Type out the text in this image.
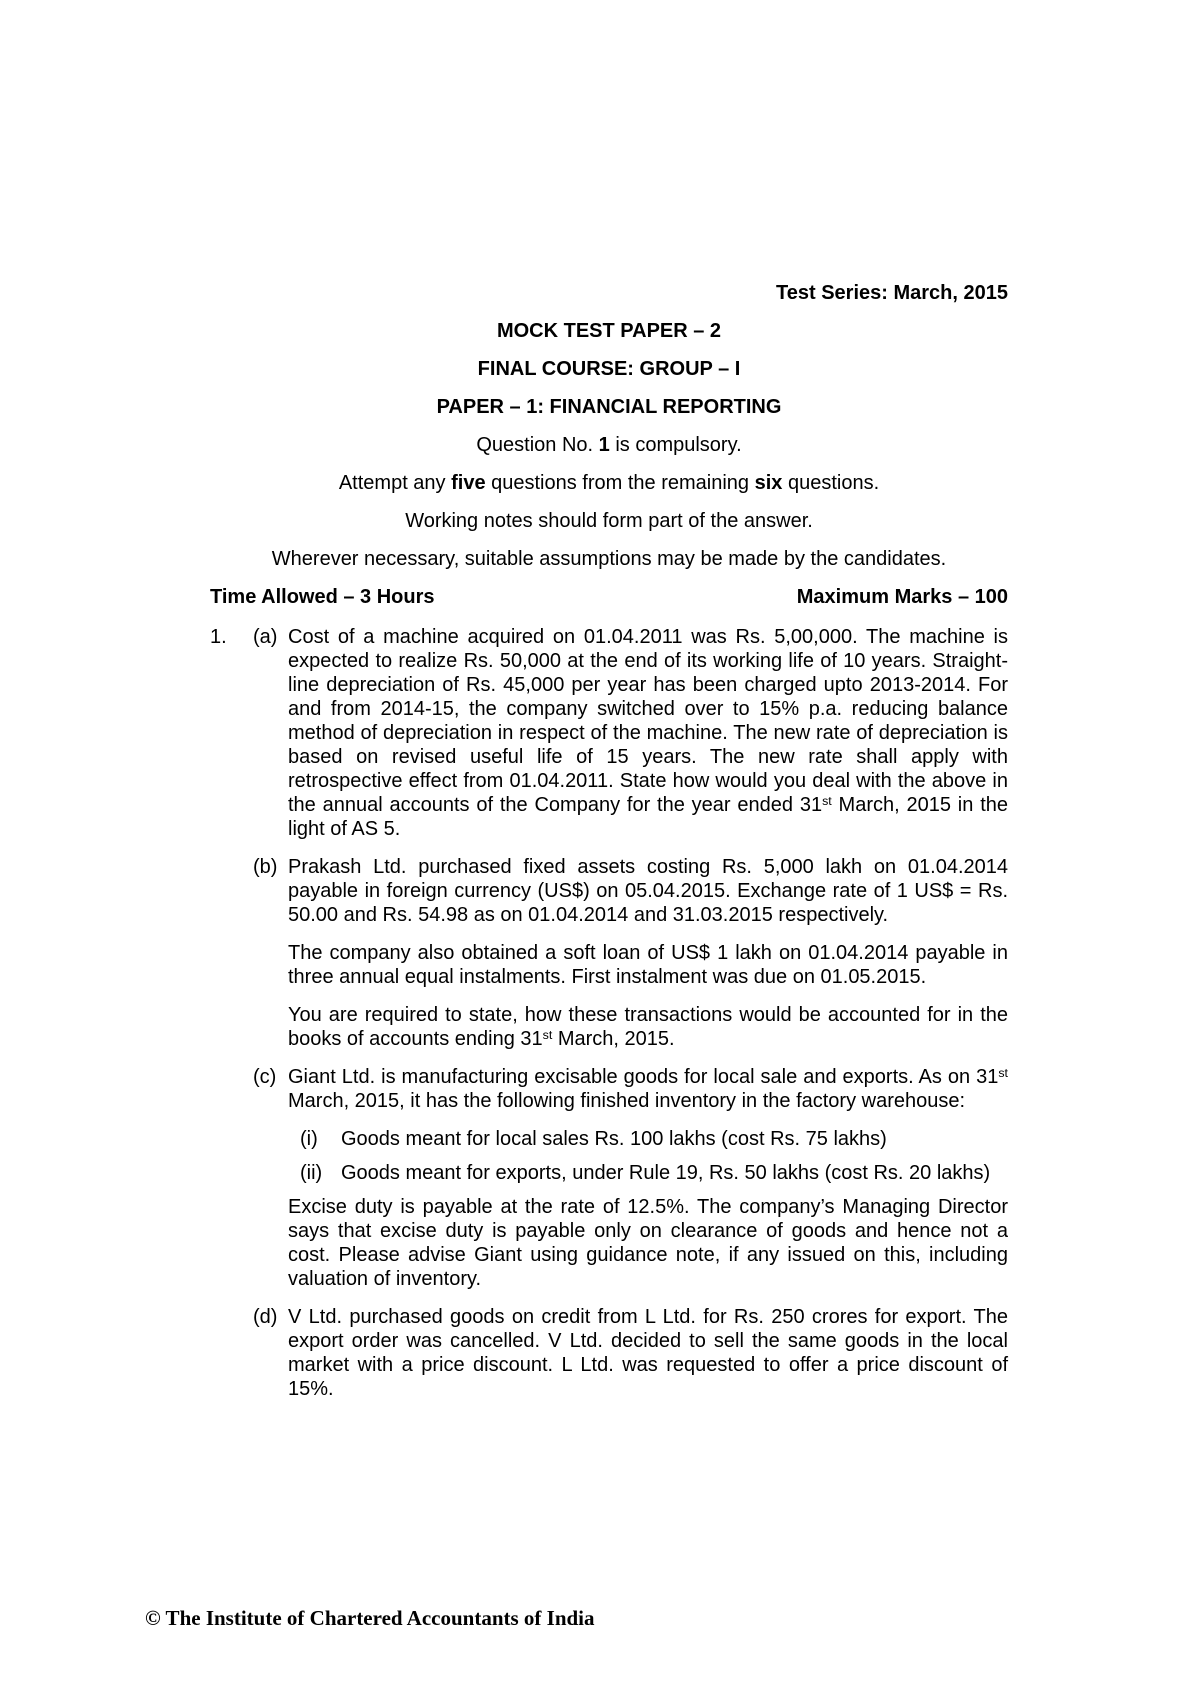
Test Series: March, 2015
MOCK TEST PAPER – 2
FINAL COURSE: GROUP – I
PAPER – 1: FINANCIAL REPORTING
Question No. 1 is compulsory.
Attempt any five questions from the remaining six questions.
Working notes should form part of the answer.
Wherever necessary, suitable assumptions may be made by the candidates.
Time Allowed – 3 Hours	Maximum Marks – 100
1.	(a) Cost of a machine acquired on 01.04.2011 was Rs. 5,00,000. The machine is expected to realize Rs. 50,000 at the end of its working life of 10 years. Straight-line depreciation of Rs. 45,000 per year has been charged upto 2013-2014. For and from 2014-15, the company switched over to 15% p.a. reducing balance method of depreciation in respect of the machine. The new rate of depreciation is based on revised useful life of 15 years. The new rate shall apply with retrospective effect from 01.04.2011. State how would you deal with the above in the annual accounts of the Company for the year ended 31st March, 2015 in the light of AS 5.

(b) Prakash Ltd. purchased fixed assets costing Rs. 5,000 lakh on 01.04.2014 payable in foreign currency (US$) on 05.04.2015. Exchange rate of 1 US$ = Rs. 50.00 and Rs. 54.98 as on 01.04.2014 and 31.03.2015 respectively.

The company also obtained a soft loan of US$ 1 lakh on 01.04.2014 payable in three annual equal instalments. First instalment was due on 01.05.2015.

You are required to state, how these transactions would be accounted for in the books of accounts ending 31st March, 2015.

(c) Giant Ltd. is manufacturing excisable goods for local sale and exports. As on 31st March, 2015, it has the following finished inventory in the factory warehouse:

(i)	Goods meant for local sales Rs. 100 lakhs (cost Rs. 75 lakhs)
(ii) Goods meant for exports, under Rule 19, Rs. 50 lakhs (cost Rs. 20 lakhs)

Excise duty is payable at the rate of 12.5%. The company’s Managing Director says that excise duty is payable only on clearance of goods and hence not a cost. Please advise Giant using guidance note, if any issued on this, including valuation of inventory.

(d) V Ltd. purchased goods on credit from L Ltd. for Rs. 250 crores for export. The export order was cancelled. V Ltd. decided to sell the same goods in the local market with a price discount. L Ltd. was requested to offer a price discount of 15%.

© The Institute of Chartered Accountants of India
